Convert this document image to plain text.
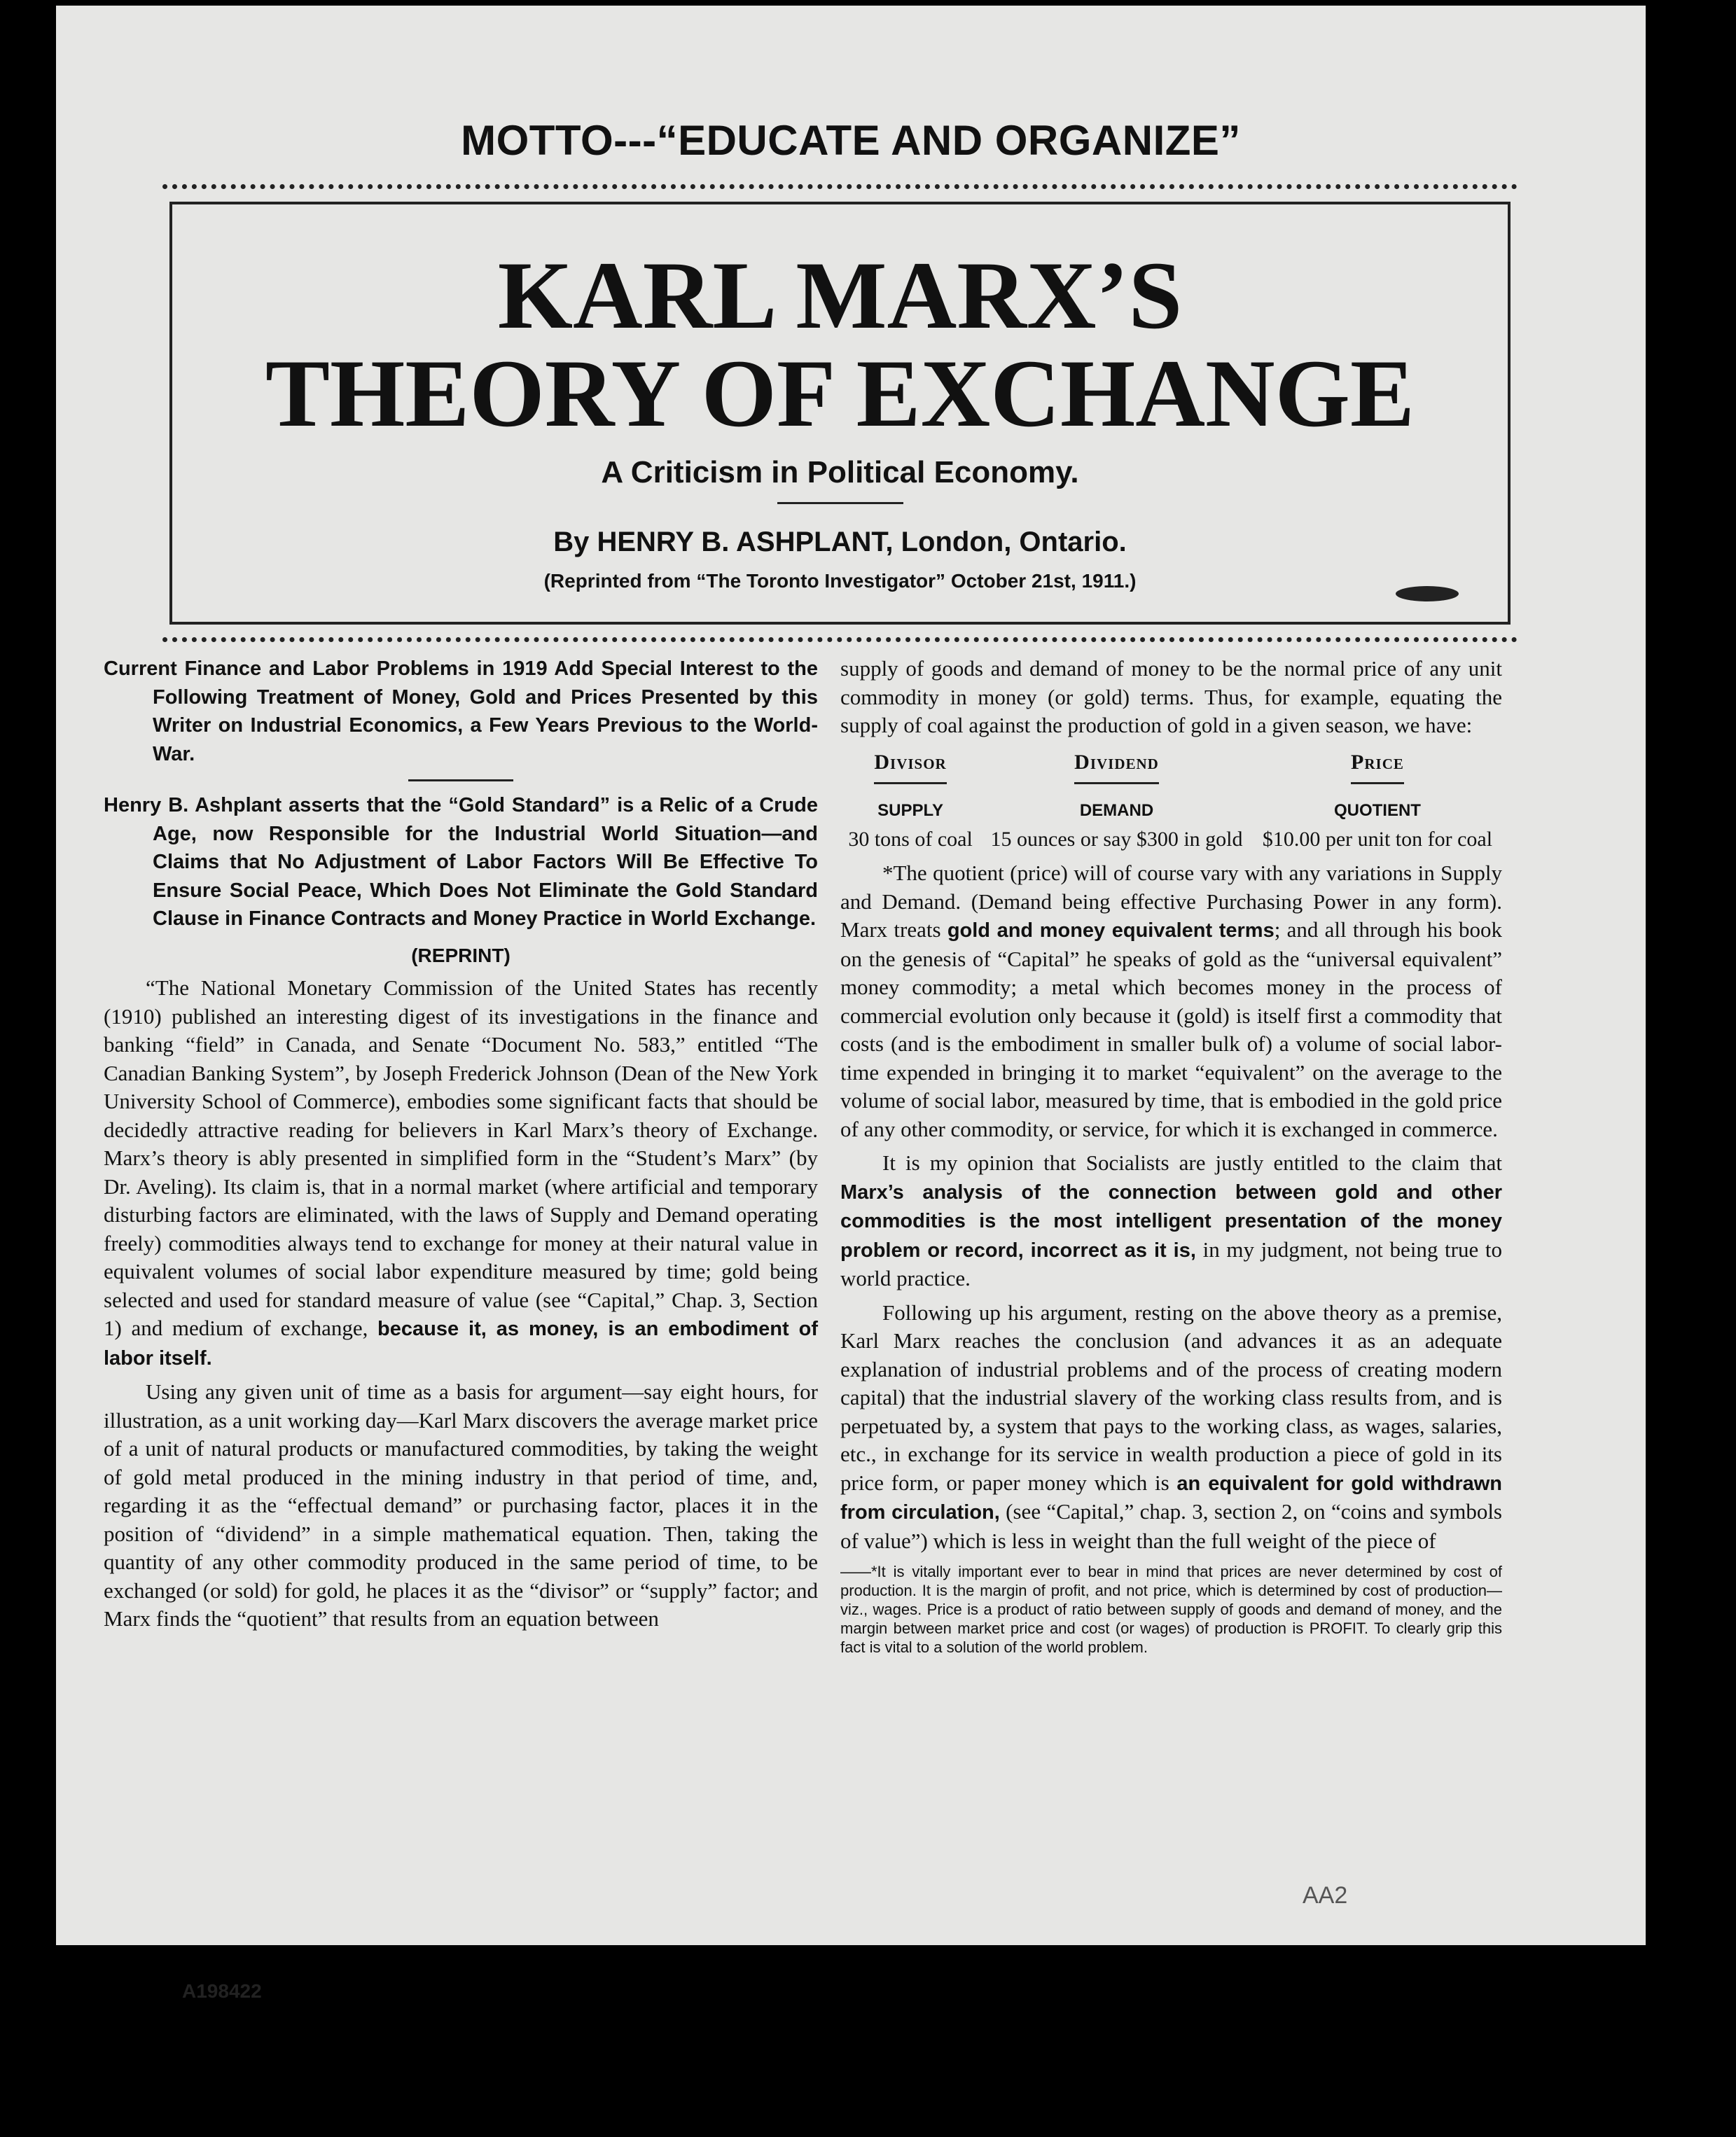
MOTTO---“EDUCATE AND ORGANIZE”
KARL MARX’S
THEORY OF EXCHANGE
A Criticism in Political Economy.
By HENRY B. ASHPLANT, London, Ontario.
(Reprinted from “The Toronto Investigator” October 21st, 1911.)
AA2
A198422

Current Finance and Labor Problems in 1919 Add Special Interest to the Following Treatment of Money, Gold and Prices Presented by this Writer on Industrial Economics, a Few Years Previous to the World-War.

Henry B. Ashplant asserts that the “Gold Standard” is a Relic of a Crude Age, now Responsible for the Industrial World Situation—and Claims that No Adjustment of Labor Factors Will Be Effective To Ensure Social Peace, Which Does Not Eliminate the Gold Standard Clause in Finance Contracts and Money Practice in World Exchange.

(REPRINT)

“The National Monetary Commission of the United States has recently (1910) published an interesting digest of its investigations in the finance and banking “field” in Canada, and Senate “Document No. 583,” entitled “The Canadian Banking System”, by Joseph Frederick Johnson (Dean of the New York University School of Commerce), embodies some significant facts that should be decidedly attractive reading for believers in Karl Marx’s theory of Exchange. Marx’s theory is ably presented in simplified form in the “Student’s Marx” (by Dr. Aveling). Its claim is, that in a normal market (where artificial and temporary disturbing factors are eliminated, with the laws of Supply and Demand operating freely) commodities always tend to exchange for money at their natural value in equivalent volumes of social labor expenditure measured by time; gold being selected and used for standard measure of value (see “Capital,” Chap. 3, Section 1) and medium of exchange, because it, as money, is an embodiment of labor itself.

Using any given unit of time as a basis for argument—say eight hours, for illustration, as a unit working day—Karl Marx discovers the average market price of a unit of natural products or manufactured commodities, by taking the weight of gold metal produced in the mining industry in that period of time, and, regarding it as the “effectual demand” or purchasing factor, places it in the position of “dividend” in a simple mathematical equation. Then, taking the quantity of any other commodity produced in the same period of time, to be exchanged (or sold) for gold, he places it as the “divisor” or “supply” factor; and Marx finds the “quotient” that results from an equation between

supply of goods and demand of money to be the normal price of any unit commodity in money (or gold) terms. Thus, for example, equating the supply of coal against the production of gold in a given season, we have:

Divisor	Dividend	Price
SUPPLY	DEMAND	QUOTIENT
30 tons of coal	15 ounces or say $300 in gold	$10.00 per unit ton for coal

*The quotient (price) will of course vary with any variations in Supply and Demand. (Demand being effective Purchasing Power in any form). Marx treats gold and money equivalent terms; and all through his book on the genesis of “Capital” he speaks of gold as the “universal equivalent” money commodity; a metal which becomes money in the process of commercial evolution only because it (gold) is itself first a commodity that costs (and is the embodiment in smaller bulk of) a volume of social labor-time expended in bringing it to market “equivalent” on the average to the volume of social labor, measured by time, that is embodied in the gold price of any other commodity, or service, for which it is exchanged in commerce.

It is my opinion that Socialists are justly entitled to the claim that Marx’s analysis of the connection between gold and other commodities is the most intelligent presentation of the money problem or record, incorrect as it is, in my judgment, not being true to world practice.

Following up his argument, resting on the above theory as a premise, Karl Marx reaches the conclusion (and advances it as an adequate explanation of industrial problems and of the process of creating modern capital) that the industrial slavery of the working class results from, and is perpetuated by, a system that pays to the working class, as wages, salaries, etc., in exchange for its service in wealth production a piece of gold in its price form, or paper money which is an equivalent for gold withdrawn from circulation, (see “Capital,” chap. 3, section 2, on “coins and symbols of value”) which is less in weight than the full weight of the piece of

——*It is vitally important ever to bear in mind that prices are never determined by cost of production. It is the margin of profit, and not price, which is determined by cost of production—viz., wages. Price is a product of ratio between supply of goods and demand of money, and the margin between market price and cost (or wages) of production is PROFIT. To clearly grip this fact is vital to a solution of the world problem.
